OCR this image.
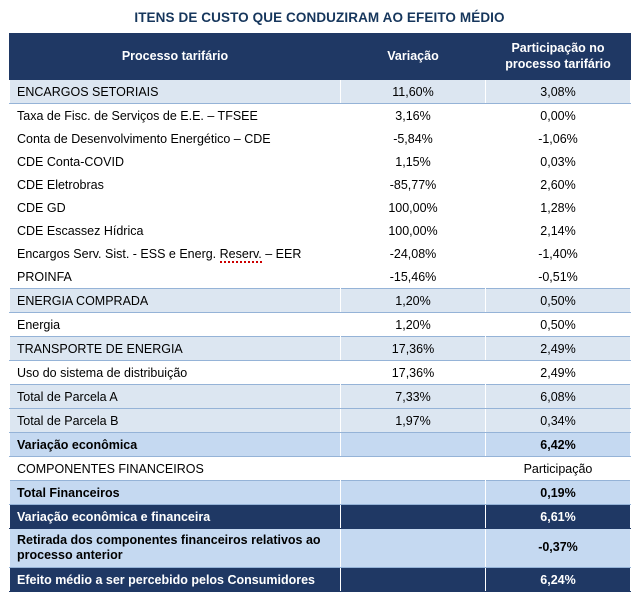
ITENS DE CUSTO QUE CONDUZIRAM AO EFEITO MÉDIO
Processo tarifário	Variação	Participação no processo tarifário
ENCARGOS SETORIAIS	11,60%	3,08%
Taxa de Fisc. de Serviços de E.E. – TFSEE	3,16%	0,00%
Conta de Desenvolvimento Energético – CDE	-5,84%	-1,06%
CDE Conta-COVID	1,15%	0,03%
CDE Eletrobras	-85,77%	2,60%
CDE GD	100,00%	1,28%
CDE Escassez Hídrica	100,00%	2,14%
Encargos Serv. Sist. - ESS e Energ. Reserv. – EER	-24,08%	-1,40%
PROINFA	-15,46%	-0,51%
ENERGIA COMPRADA	1,20%	0,50%
Energia	1,20%	0,50%
TRANSPORTE DE ENERGIA	17,36%	2,49%
Uso do sistema de distribuição	17,36%	2,49%
Total de Parcela A	7,33%	6,08%
Total de Parcela B	1,97%	0,34%
Variação econômica		6,42%
COMPONENTES FINANCEIROS		Participação
Total Financeiros		0,19%
Variação econômica e financeira		6,61%
Retirada dos componentes financeiros relativos ao processo anterior		-0,37%
Efeito médio a ser percebido pelos Consumidores		6,24%
